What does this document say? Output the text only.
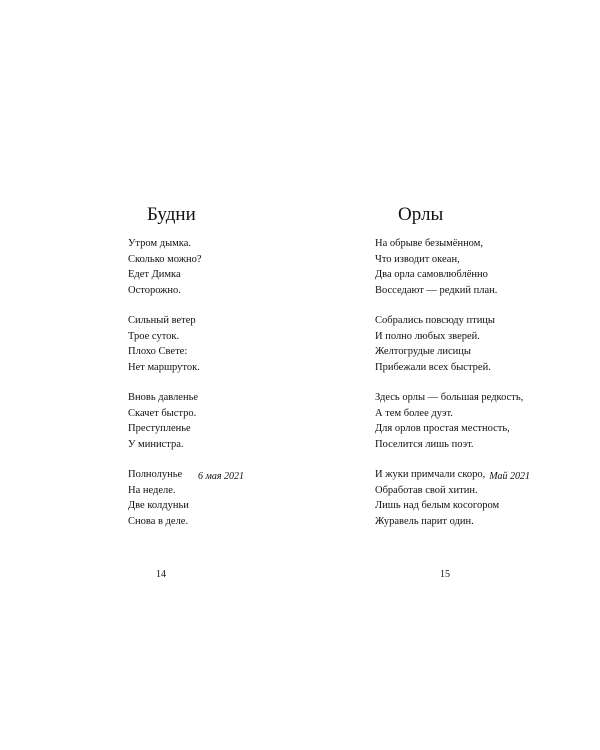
Будни
Утром дымка.
Сколько можно?
Едет Димка
Осторожно.
Сильный ветер
Трое суток.
Плохо Свете:
Нет маршруток.
Вновь давленье
Скачет быстро.
Преступленье
У министра.
Полнолунье
На неделе.
Две колдуньи
Снова в деле.
6 мая 2021
14
Орлы
На обрыве безымённом,
Что изводит океан,
Два орла самовлюблённо
Восседают — редкий план.
Собрались повсюду птицы
И полно любых зверей.
Желтогрудые лисицы
Прибежали всех быстрей.
Здесь орлы — большая редкость,
А тем более дуэт.
Для орлов простая местность,
Поселится лишь поэт.
И жуки примчали скоро,
Обработав свой хитин.
Лишь над белым косогором
Журавель парит один.
Май 2021
15
